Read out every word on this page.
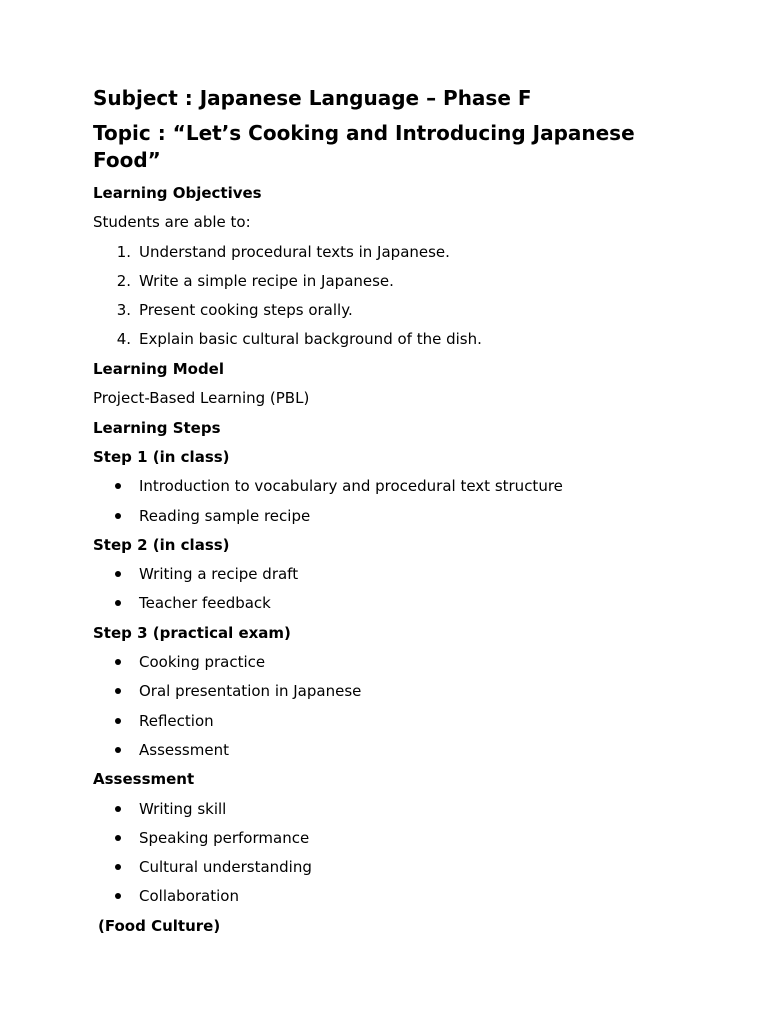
Subject : Japanese Language – Phase F
Topic : “Let’s Cooking and Introducing Japanese Food”
Learning Objectives
Students are able to:
1. Understand procedural texts in Japanese.
2. Write a simple recipe in Japanese.
3. Present cooking steps orally.
4. Explain basic cultural background of the dish.
Learning Model
Project-Based Learning (PBL)
Learning Steps
Step 1 (in class)
Introduction to vocabulary and procedural text structure
Reading sample recipe
Step 2 (in class)
Writing a recipe draft
Teacher feedback
Step 3 (practical exam)
Cooking practice
Oral presentation in Japanese
Reflection
Assessment
Assessment
Writing skill
Speaking performance
Cultural understanding
Collaboration
(Food Culture)
